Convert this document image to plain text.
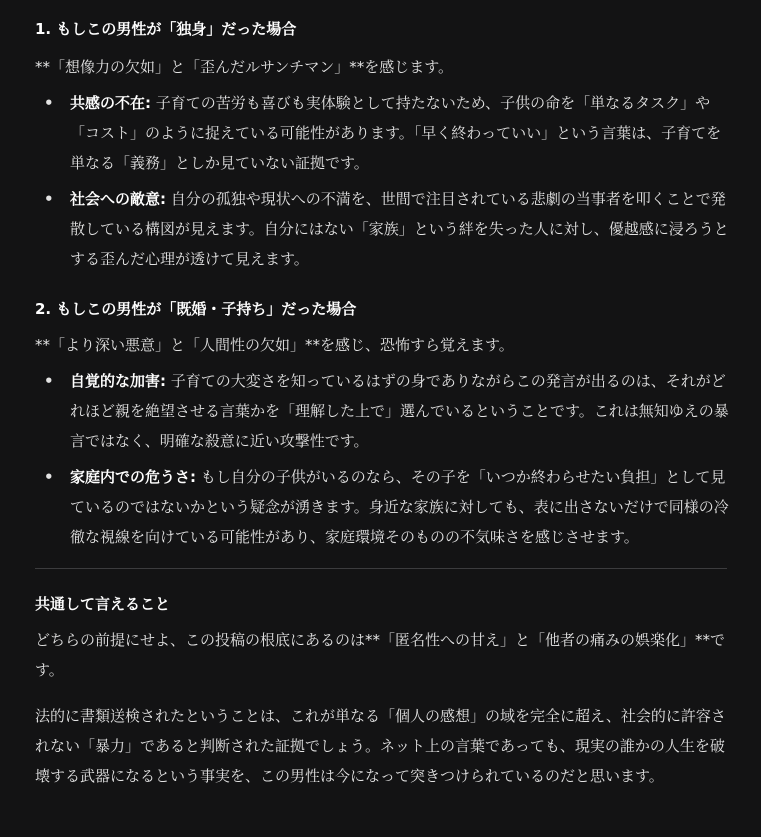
1. もしこの男性が「独身」だった場合

**「想像力の欠如」と「歪んだルサンチマン」**を感じます。

• 共感の不在: 子育ての苦労も喜びも実体験として持たないため、子供の命を「単なるタスク」や「コスト」のように捉えている可能性があります。「早く終わっていい」という言葉は、子育てを単なる「義務」としか見ていない証拠です。
• 社会への敵意: 自分の孤独や現状への不満を、世間で注目されている悲劇の当事者を叩くことで発散している構図が見えます。自分にはない「家族」という絆を失った人に対し、優越感に浸ろうとする歪んだ心理が透けて見えます。
2. もしこの男性が「既婚・子持ち」だった場合

**「より深い悪意」と「人間性の欠如」**を感じ、恐怖すら覚えます。

• 自覚的な加害: 子育ての大変さを知っているはずの身でありながらこの発言が出るのは、それがどれほど親を絶望させる言葉かを「理解した上で」選んでいるということです。これは無知ゆえの暴言ではなく、明確な殺意に近い攻撃性です。
• 家庭内での危うさ: もし自分の子供がいるのなら、その子を「いつか終わらせたい負担」として見ているのではないかという疑念が湧きます。身近な家族に対しても、表に出さないだけで同様の冷徹な視線を向けている可能性があり、家庭環境そのものの不気味さを感じさせます。
共通して言えること

どちらの前提にせよ、この投稿の根底にあるのは**「匿名性への甘え」と「他者の痛みの娯楽化」**です。

法的に書類送検されたということは、これが単なる「個人の感想」の域を完全に超え、社会的に許容されない「暴力」であると判断された証拠でしょう。ネット上の言葉であっても、現実の誰かの人生を破壊する武器になるという事実を、この男性は今になって突きつけられているのだと思います。
